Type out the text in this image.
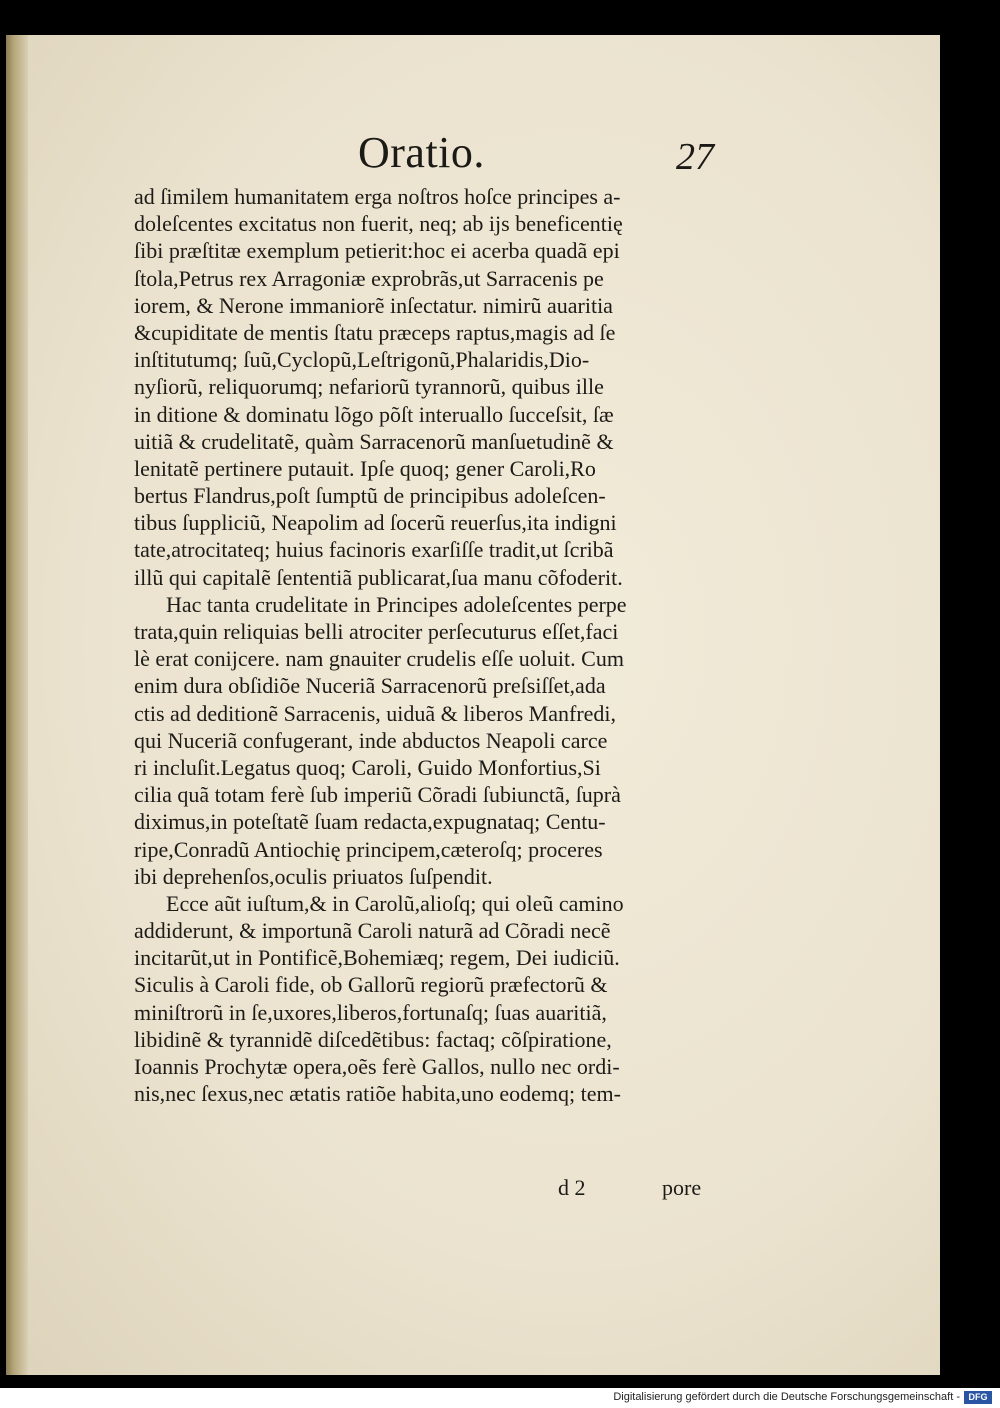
Oratio.	27
ad ſimilem humanitatem erga noſtros hoſce principes a-
doleſcentes excitatus non fuerit, neq; ab ijs beneficentię
ſibi præſtitæ exemplum petierit:hoc ei acerba quadã epi
ſtola,Petrus rex Arragoniæ exprobrãs,ut Sarracenis pe
iorem, & Nerone immaniorẽ inſectatur. nimirũ auaritia
&cupiditate de mentis ſtatu præceps raptus,magis ad ſe
inſtitutumq; ſuũ,Cyclopũ,Leſtrigonũ,Phalaridis,Dio-
nyſiorũ, reliquorumq; nefariorũ tyrannorũ, quibus ille
in ditione & dominatu lõgo põſt interuallo ſucceſsit, ſæ
uitiã & crudelitatẽ, quàm Sarracenorũ manſuetudinẽ &
lenitatẽ pertinere putauit. Ipſe quoq; gener Caroli,Ro
bertus Flandrus,poſt ſumptũ de principibus adoleſcen-
tibus ſuppliciũ, Neapolim ad ſocerũ reuerſus,ita indigni
tate,atrocitateq; huius facinoris exarſiſſe tradit,ut ſcribã
illũ qui capitalẽ ſententiã publicarat,ſua manu cõfoderit.
Hac tanta crudelitate in Principes adoleſcentes perpe
trata,quin reliquias belli atrociter perſecuturus eſſet,faci
lè erat conijcere. nam gnauiter crudelis eſſe uoluit. Cum
enim dura obſidiõe Nuceriã Sarracenorũ preſsiſſet,ada
ctis ad deditionẽ Sarracenis, uiduã & liberos Manfredi,
qui Nuceriã confugerant, inde abductos Neapoli carce
ri incluſit.Legatus quoq; Caroli, Guido Monfortius,Si
cilia quã totam ferè ſub imperiũ Cõradi ſubiunctã, ſuprà
diximus,in poteſtatẽ ſuam redacta,expugnataq; Centu-
ripe,Conradũ Antiochię principem,cæteroſq; proceres
ibi deprehenſos,oculis priuatos ſuſpendit.
Ecce aũt iuſtum,& in Carolũ,alioſq; qui oleũ camino
addiderunt, & importunã Caroli naturã ad Cõradi necẽ
incitarũt,ut in Pontificẽ,Bohemiæq; regem, Dei iudiciũ.
Siculis à Caroli fide, ob Gallorũ regiorũ præfectorũ &
miniſtrorũ in ſe,uxores,liberos,fortunaſq; ſuas auaritiã,
libidinẽ & tyrannidẽ diſcedẽtibus: factaq; cõſpiratione,
Ioannis Prochytæ opera,oẽs ferè Gallos, nullo nec ordi-
nis,nec ſexus,nec ætatis ratiõe habita,uno eodemq; tem-
d 2	pore
Digitalisierung gefördert durch die Deutsche Forschungsgemeinschaft - DFG
